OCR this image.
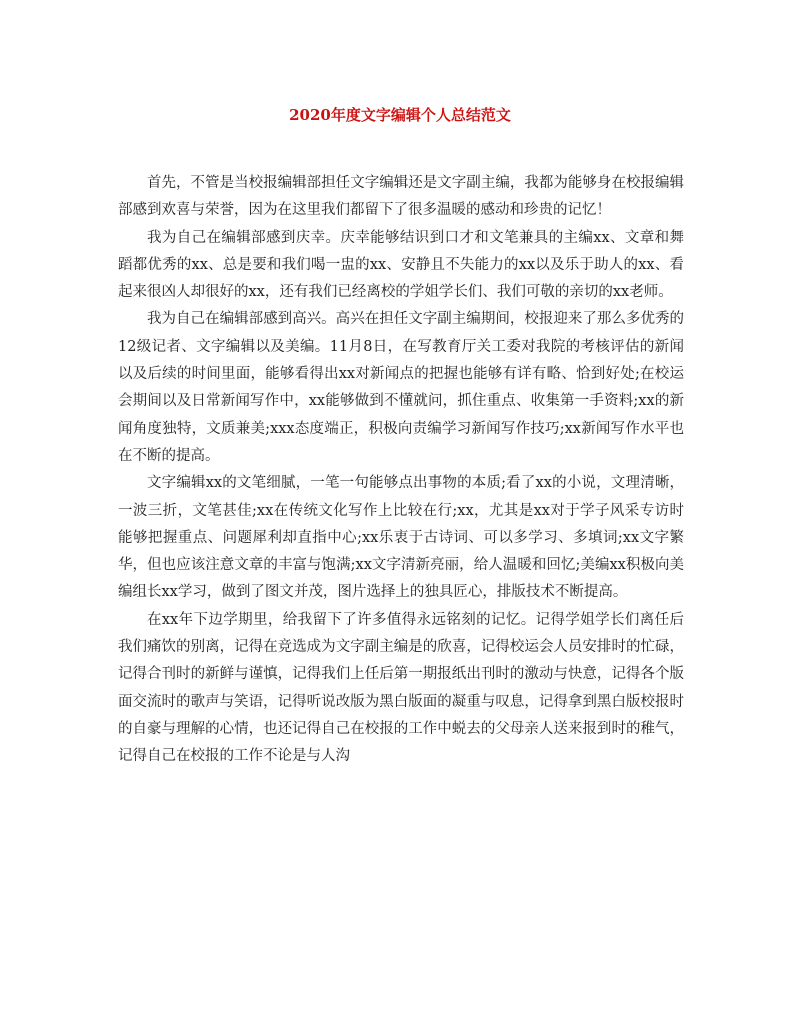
2020年度文字编辑个人总结范文

首先，不管是当校报编辑部担任文字编辑还是文字副主编，我都为能够身在校报编辑部感到欢喜与荣誉，因为在这里我们都留下了很多温暖的感动和珍贵的记忆！

我为自己在编辑部感到庆幸。庆幸能够结识到口才和文笔兼具的主编xx、文章和舞蹈都优秀的xx、总是要和我们喝一盅的xx、安静且不失能力的xx以及乐于助人的xx、看起来很凶人却很好的xx，还有我们已经离校的学姐学长们、我们可敬的亲切的xx老师。

我为自己在编辑部感到高兴。高兴在担任文字副主编期间，校报迎来了那么多优秀的12级记者、文字编辑以及美编。11月8日，在写教育厅关工委对我院的考核评估的新闻以及后续的时间里面，能够看得出xx对新闻点的把握也能够有详有略、恰到好处;在校运会期间以及日常新闻写作中，xx能够做到不懂就问，抓住重点、收集第一手资料;xx的新闻角度独特，文质兼美;xxx态度端正，积极向责编学习新闻写作技巧;xx新闻写作水平也在不断的提高。

文字编辑xx的文笔细腻，一笔一句能够点出事物的本质;看了xx的小说，文理清晰，一波三折，文笔甚佳;xx在传统文化写作上比较在行;xx，尤其是xx对于学子风采专访时能够把握重点、问题犀利却直指中心;xx乐衷于古诗词、可以多学习、多填词;xx文字繁华，但也应该注意文章的丰富与饱满;xx文字清新亮丽，给人温暖和回忆;美编xx积极向美编组长xx学习，做到了图文并茂，图片选择上的独具匠心，排版技术不断提高。

在xx年下边学期里，给我留下了许多值得永远铭刻的记忆。记得学姐学长们离任后我们痛饮的别离，记得在竞选成为文字副主编是的欣喜，记得校运会人员安排时的忙碌，记得合刊时的新鲜与谨慎，记得我们上任后第一期报纸出刊时的激动与快意，记得各个版面交流时的歌声与笑语，记得听说改版为黑白版面的凝重与叹息，记得拿到黑白版校报时的自豪与理解的心情，也还记得自己在校报的工作中蜕去的父母亲人送来报到时的稚气，记得自己在校报的工作不论是与人沟
